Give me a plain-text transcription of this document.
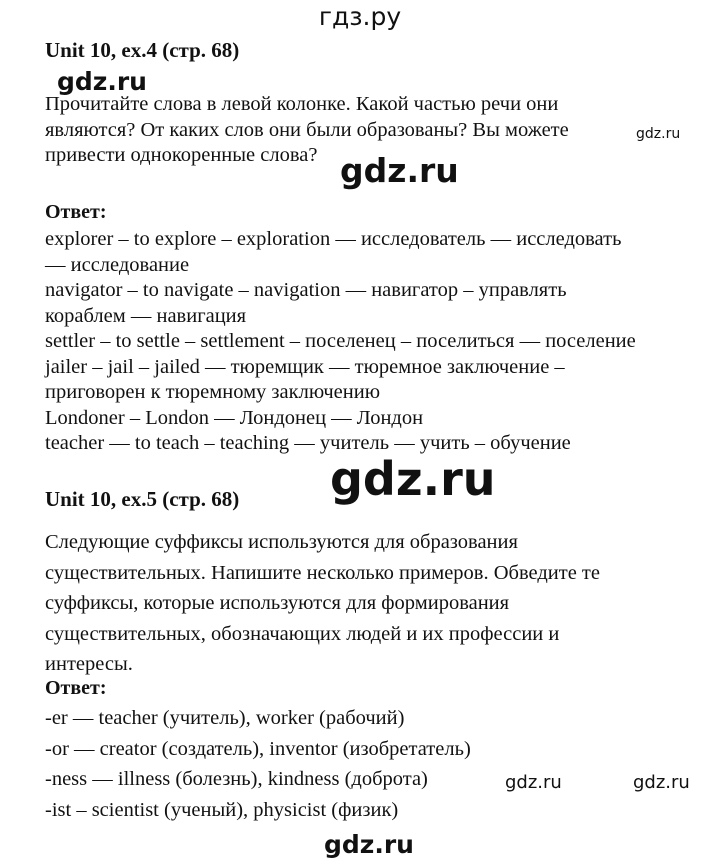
гдз.ру
Unit 10, ex.4 (стр. 68)
gdz.ru
Прочитайте слова в левой колонке. Какой частью речи они
являются? От каких слов они были образованы? Вы можете
привести однокоренные слова?
gdz.ru
gdz.ru
Ответ:
explorer – to explore – exploration — исследователь — исследовать
— исследование
navigator – to navigate – navigation — навигатор – управлять
кораблем — навигация
settler – to settle – settlement – поселенец – поселиться — поселение
jailer – jail – jailed — тюремщик — тюремное заключение –
приговорен к тюремному заключению
Londoner – London — Лондонец — Лондон
teacher — to teach – teaching — учитель — учить – обучение
gdz.ru
Unit 10, ex.5 (стр. 68)
Следующие суффиксы используются для образования
существительных. Напишите несколько примеров. Обведите те
суффиксы, которые используются для формирования
существительных, обозначающих людей и их профессии и
интересы.
Ответ:
-er — teacher (учитель), worker (рабочий)
-or — creator (создатель), inventor (изобретатель)
-ness — illness (болезнь), kindness (доброта)
-ist – scientist (ученый), physicist (физик)
gdz.ru	gdz.ru
gdz.ru
